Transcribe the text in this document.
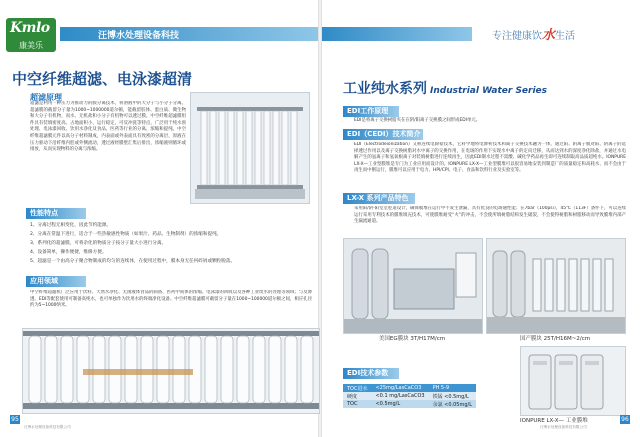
Kmlo
康美乐
汪博水处理设备科技	专注健康饮水生活
中空纤维超滤、电泳漆超清
超滤原理
超滤是利用一种压力为推动力的膜分离技术，将溶液中的大分子与小分子分离。超滤膜的截留分子量为1000~1000000道尔顿，能截留胶体、蛋白质、微生物和大分子有机物，而水、无机盐和小分子有机物可以透过膜。中空纤维超滤膜组件具有装填密度高、占地面积小、运行稳定、可反冲洗等特点，广泛用于纯水预处理、电泳漆回收、饮用水净化及食品、医药等行业的分离、浓缩和提纯。中空纤维超滤膜元件以高分子材料制成，内表面或外表面具有致密的分离层，原液在压力驱动下沿纤维内腔或外侧流动，透过液经膜壁汇集后排出，浓缩液则循环或排放，从而实现物料的分离与浓缩。
性能特点
1、分离过程无相变化，因此节约能源。
2、分离在常温下进行，适合于一些热敏感性物质（如果汁、药品、生物制剂）的浓缩和提纯。
3、系列化的超滤膜，可将杂化的物质分子按分子量大小进行分离。
4、设备简单，操作便捷，维修方便。
5、超滤是一个由高分子聚合物制成的均匀的连续体，在使用过程中，膜本身无任何碎屑或颗粒脱落。
应用领域
中空纤维超滤机广泛应用于饮料、天然水净化、无菌液体食品的制备、医药中间体的浓缩、电泳漆的回收以及各种工业废水的处理等领域；与反渗透、EDI等配套使用可制备高纯水，也可单独作为饮用水的终端净化设备。中空纤维超滤膜可截留分子量在1000~100000道尔顿之间，相应孔径约为5~1000纳米。
95
汪博水处理设备科技有限公司
工业纯水系列 Industrial Water Series
EDI工作原理
EDI是将离子交换树脂夹在在阴/阳离子交换膜之间形成EDI单元。
EDI（CEDI）技术简介
EDI（Electrodeionization）又称连续电除盐技术，它科学地将电渗析技术和离子交换技术融为一体，通过阳、阴离子膜对阳、阴离子的选择透过作用以及离子交换树脂对水中离子的交换作用，在电场的作用下实现水中离子的定向迁移，从而达到水的深度净化除盐，并通过水电解产生的氢离子和氢氧根离子对装填树脂进行连续再生，因此EDI制水过程不需酸、碱化学药品再生即可连续制取高品质超纯水。IONPURE LX-X—工业型膜堆是专门为工业应用而设计的。IONPURE LX-X—工业型膜堆可以很容易地安装到制造厂的质量稳定和高耗水、而不会由于再生而中断运行，膜堆可以应用于电力、HPI/CPI、电子、食品和饮料行业及实验室等。
LX-X 系列产品特色
采用阳/阴-阳室室腔道设计，确保膜堆在运行中不发生泄漏，具有优良的电场通性能；在7bar（100psi），45℃（113F）条件下，可以连续运行采用专利技术的膜堆填充技术，可使膜堆耐受“火”的冲击，不会使所填树脂结构发生破裂，不会使得树脂和树脂移动而导致膜堆内部产生漏流通道。
美国EG膜块 3T/H17M/cm	国产膜块 25T/H16M~2/cm
IONPURE LX-X— 工业膜堆
EDI技术参数
TOC进水	<25mg/LasCaCO3	PH 5-9
硬度	<0.1 mg/LasCaCO3	铁锰 <0.5mg/L
TOC	<0.5mg/L	余氯 <0.05mg/L
96
汪博水处理设备科技有限公司
